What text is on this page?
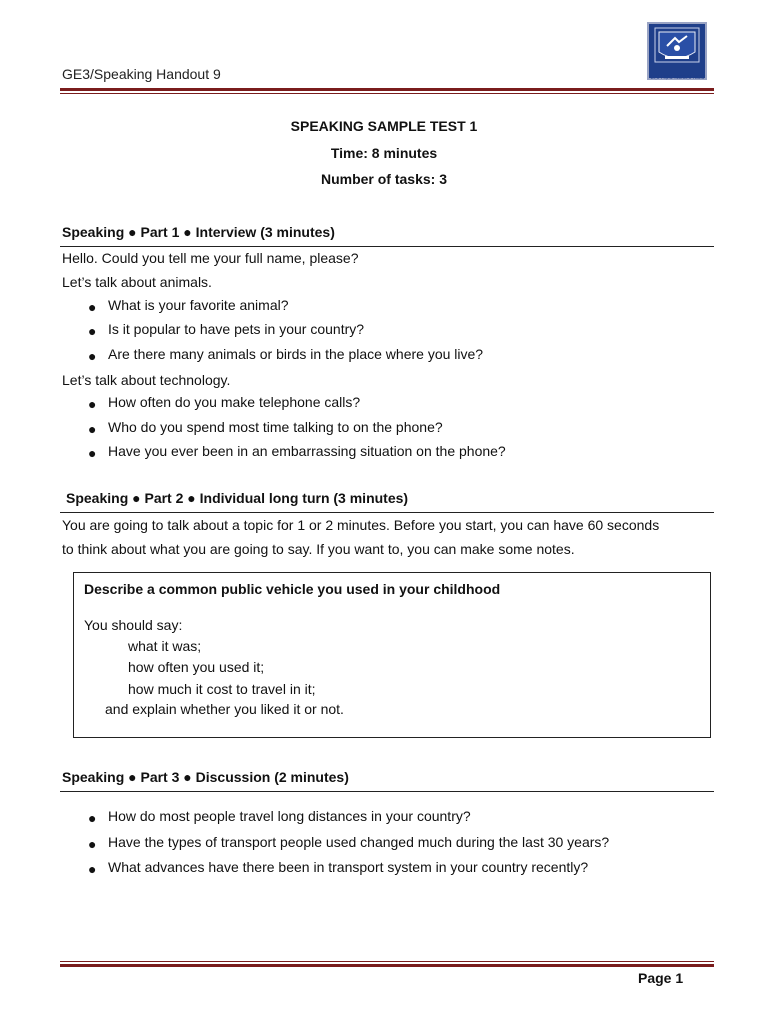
GE3/Speaking Handout 9	ĐẠI HỌC NGOẠI NGỮ
SPEAKING SAMPLE TEST 1
Time: 8 minutes
Number of tasks: 3
Speaking ● Part 1 ● Interview (3 minutes)
Hello. Could you tell me your full name, please?
Let’s talk about animals.
● What is your favorite animal?
● Is it popular to have pets in your country?
● Are there many animals or birds in the place where you live?
Let’s talk about technology.
● How often do you make telephone calls?
● Who do you spend most time talking to on the phone?
● Have you ever been in an embarrassing situation on the phone?
Speaking ● Part 2 ● Individual long turn (3 minutes)
You are going to talk about a topic for 1 or 2 minutes. Before you start, you can have 60 seconds
to think about what you are going to say. If you want to, you can make some notes.
Describe a common public vehicle you used in your childhood
You should say:
what it was;
how often you used it;
how much it cost to travel in it;
and explain whether you liked it or not.
Speaking ● Part 3 ● Discussion (2 minutes)
● How do most people travel long distances in your country?
● Have the types of transport people used changed much during the last 30 years?
● What advances have there been in transport system in your country recently?
Page 1
